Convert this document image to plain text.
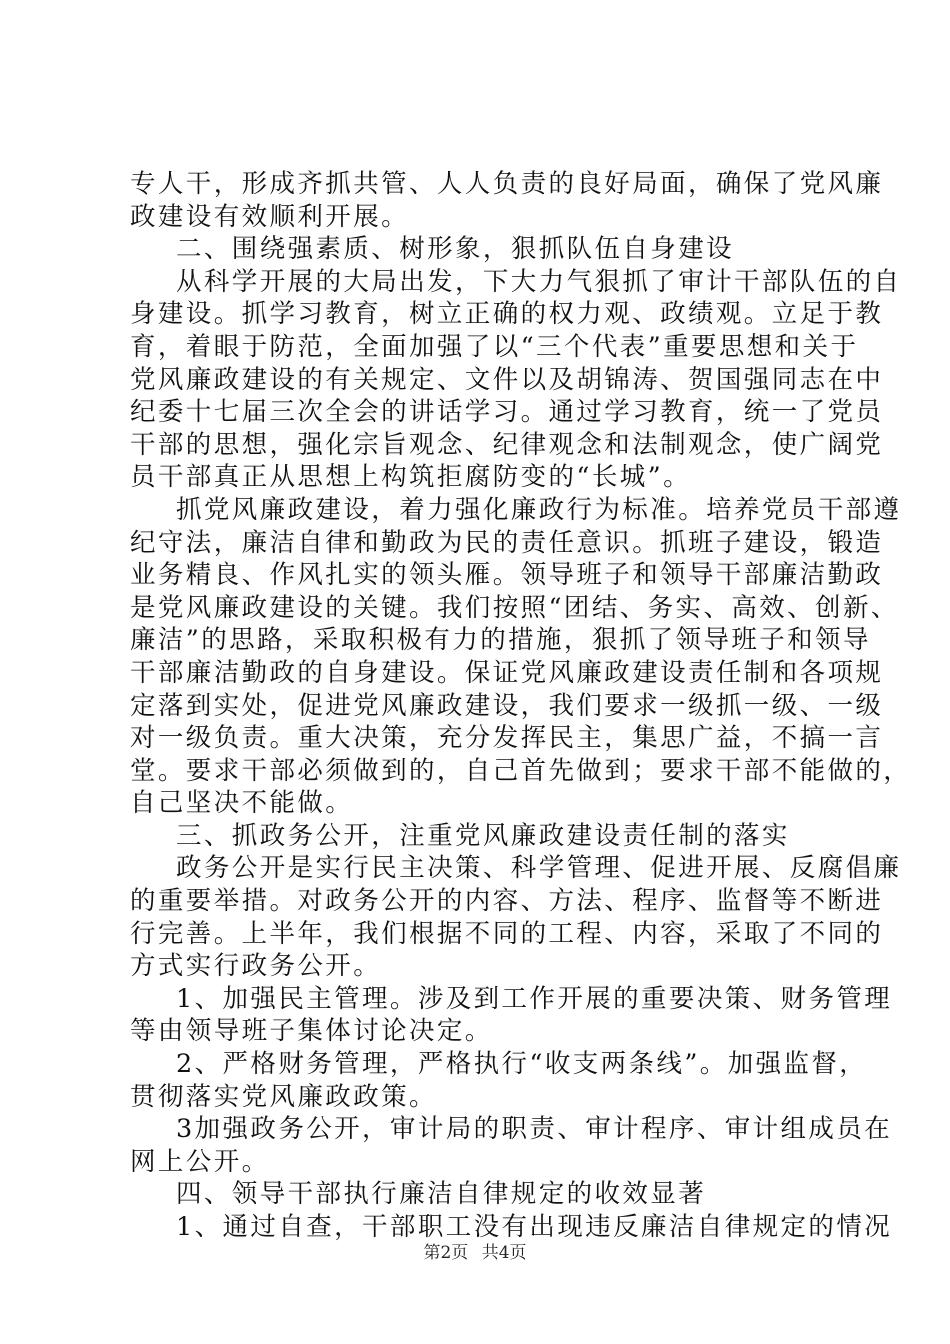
专人干，形成齐抓共管、人人负责的良好局面，确保了党风廉
政建设有效顺利开展。
二、围绕强素质、树形象，狠抓队伍自身建设
从科学开展的大局出发，下大力气狠抓了审计干部队伍的自
身建设。抓学习教育，树立正确的权力观、政绩观。立足于教
育，着眼于防范，全面加强了以“三个代表”重要思想和关于
党风廉政建设的有关规定、文件以及胡锦涛、贺国强同志在中
纪委十七届三次全会的讲话学习。通过学习教育，统一了党员
干部的思想，强化宗旨观念、纪律观念和法制观念，使广阔党
员干部真正从思想上构筑拒腐防变的“长城”。
抓党风廉政建设，着力强化廉政行为标准。培养党员干部遵
纪守法，廉洁自律和勤政为民的责任意识。抓班子建设，锻造
业务精良、作风扎实的领头雁。领导班子和领导干部廉洁勤政
是党风廉政建设的关键。我们按照“团结、务实、高效、创新、
廉洁”的思路，采取积极有力的措施，狠抓了领导班子和领导
干部廉洁勤政的自身建设。保证党风廉政建设责任制和各项规
定落到实处，促进党风廉政建设，我们要求一级抓一级、一级
对一级负责。重大决策，充分发挥民主，集思广益，不搞一言
堂。要求干部必须做到的，自己首先做到；要求干部不能做的，
自己坚决不能做。
三、抓政务公开，注重党风廉政建设责任制的落实
政务公开是实行民主决策、科学管理、促进开展、反腐倡廉
的重要举措。对政务公开的内容、方法、程序、监督等不断进
行完善。上半年，我们根据不同的工程、内容，采取了不同的
方式实行政务公开。
1、加强民主管理。涉及到工作开展的重要决策、财务管理
等由领导班子集体讨论决定。
2、严格财务管理，严格执行“收支两条线”。加强监督，
贯彻落实党风廉政政策。
3加强政务公开，审计局的职责、审计程序、审计组成员在
网上公开。
四、领导干部执行廉洁自律规定的收效显著
1、通过自查，干部职工没有出现违反廉洁自律规定的情况
第2页 共4页
